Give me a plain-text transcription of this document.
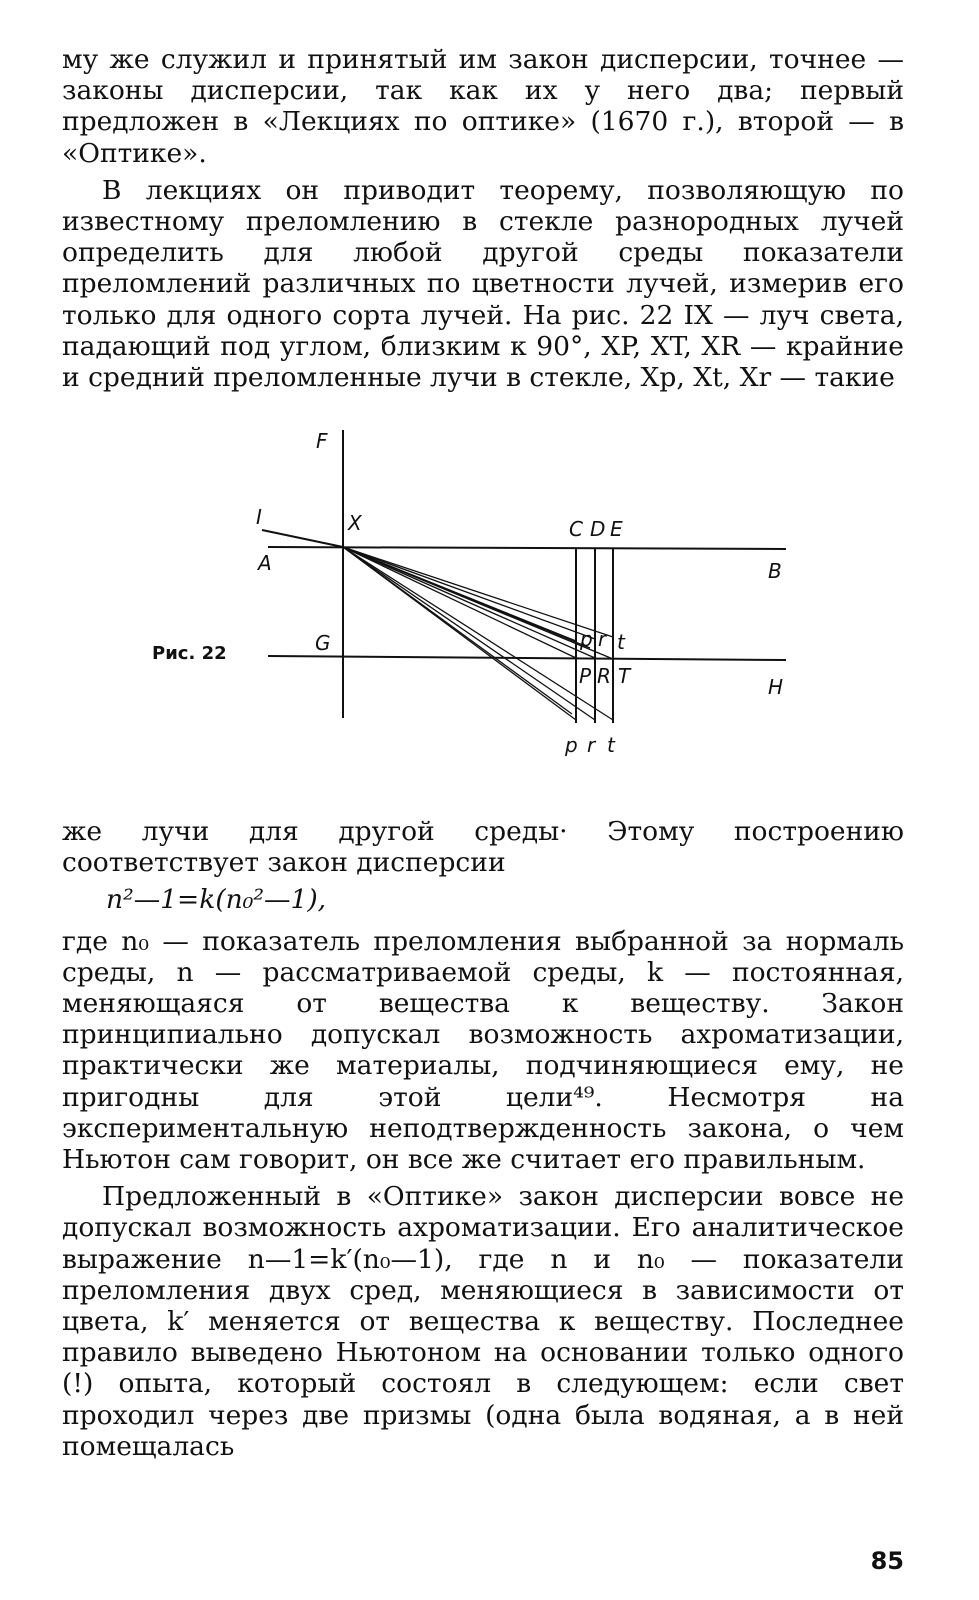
му же служил и принятый им закон дисперсии, точнее — законы дисперсии, так как их у него два; первый предложен в «Лекциях по оптике» (1670 г.), второй — в «Оптике».

В лекциях он приводит теорему, позволяющую по известному преломлению в стекле разнородных лучей определить для любой другой среды показатели преломлений различных по цветности лучей, измерив его только для одного сорта лучей. На рис. 22 IX — луч света, падающий под углом, близким к 90°, XP, XT, XR — крайние и средний преломленные лучи в стекле, Xp, Xt, Xr — такие

F
I	X	C D E
A	B
G
H
p r t
P R T
p r t
Рис. 22

же лучи для другой среды· Этому построению соответствует закон дисперсии

n²—1=k(n₀²—1),

где n₀ — показатель преломления выбранной за нормаль среды, n — рассматриваемой среды, k — постоянная, меняющаяся от вещества к веществу. Закон принципиально допускал возможность ахроматизации, практически же материалы, подчиняющиеся ему, не пригодны для этой цели⁴⁹. Несмотря на экспериментальную неподтвержденность закона, о чем Ньютон сам говорит, он все же считает его правильным.

Предложенный в «Оптике» закон дисперсии вовсе не допускал возможность ахроматизации. Его аналитическое выражение n—1=k′(n₀—1), где n и n₀ — показатели преломления двух сред, меняющиеся в зависимости от цвета, k′ меняется от вещества к веществу. Последнее правило выведено Ньютоном на основании только одного (!) опыта, который состоял в следующем: если свет проходил через две призмы (одна была водяная, а в ней помещалась

85
